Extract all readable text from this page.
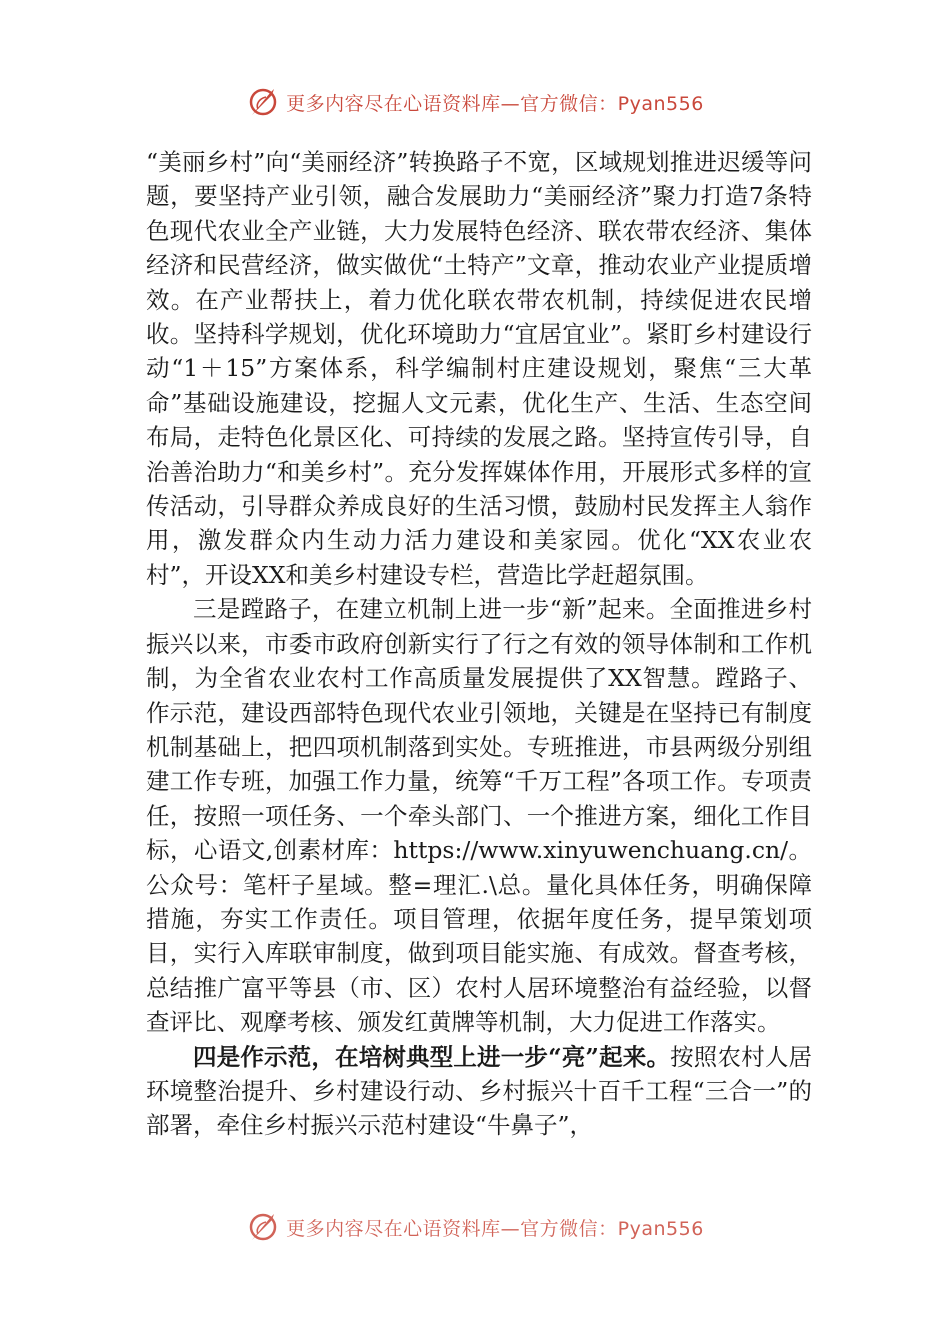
更多内容尽在心语资料库—官方微信：Pyan556

“美丽乡村”向“美丽经济”转换路子不宽，区域规划推进迟缓等问题，要坚持产业引领，融合发展助力“美丽经济”聚力打造7条特色现代农业全产业链，大力发展特色经济、联农带农经济、集体经济和民营经济，做实做优“土特产”文章，推动农业产业提质增效。在产业帮扶上，着力优化联农带农机制，持续促进农民增收。坚持科学规划，优化环境助力“宜居宜业”。紧盯乡村建设行动“1＋15”方案体系，科学编制村庄建设规划，聚焦“三大革命”基础设施建设，挖掘人文元素，优化生产、生活、生态空间布局，走特色化景区化、可持续的发展之路。坚持宣传引导，自治善治助力“和美乡村”。充分发挥媒体作用，开展形式多样的宣传活动，引导群众养成良好的生活习惯，鼓励村民发挥主人翁作用，激发群众内生动力活力建设和美家园。优化“XX农业农村”，开设XX和美乡村建设专栏，营造比学赶超氛围。

三是蹚路子，在建立机制上进一步“新”起来。全面推进乡村振兴以来，市委市政府创新实行了行之有效的领导体制和工作机制，为全省农业农村工作高质量发展提供了XX智慧。蹚路子、作示范，建设西部特色现代农业引领地，关键是在坚持已有制度机制基础上，把四项机制落到实处。专班推进，市县两级分别组建工作专班，加强工作力量，统筹“千万工程”各项工作。专项责任，按照一项任务、一个牵头部门、一个推进方案，细化工作目标，心语文,创素材库：https://www.xinyuwenchuang.cn/。公众号：笔杆子星域。整=理汇.\总。量化具体任务，明确保障措施，夯实工作责任。项目管理，依据年度任务，提早策划项目，实行入库联审制度，做到项目能实施、有成效。督查考核，总结推广富平等县（市、区）农村人居环境整治有益经验，以督查评比、观摩考核、颁发红黄牌等机制，大力促进工作落实。

四是作示范，在培树典型上进一步“亮”起来。按照农村人居环境整治提升、乡村建设行动、乡村振兴十百千工程“三合一”的部署，牵住乡村振兴示范村建设“牛鼻子”，

更多内容尽在心语资料库—官方微信：Pyan556
